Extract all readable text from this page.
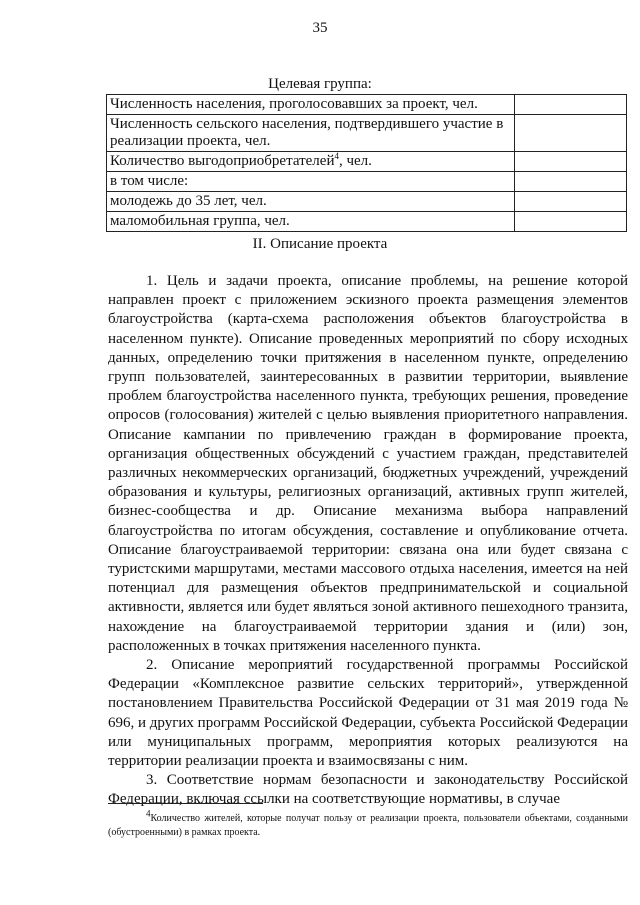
35
Целевая группа:
Численность населения, проголосовавших за проект, чел.	
Численность сельского населения, подтвердившего участие в реализации проекта, чел.	
Количество выгодоприобретателей$^4$, чел.	
в том числе:	
молодежь до 35 лет, чел.	
маломобильная группа, чел.	
II. Описание проекта

1. Цель и задачи проекта, описание проблемы, на решение которой направлен проект с приложением эскизного проекта размещения элементов благоустройства (карта-схема расположения объектов благоустройства в населенном пункте). Описание проведенных мероприятий по сбору исходных данных, определению точки притяжения в населенном пункте, определению групп пользователей, заинтересованных в развитии территории, выявление проблем благоустройства населенного пункта, требующих решения, проведение опросов (голосования) жителей с целью выявления приоритетного направления. Описание кампании по привлечению граждан в формирование проекта, организация общественных обсуждений с участием граждан, представителей различных некоммерческих организаций, бюджетных учреждений, учреждений образования и культуры, религиозных организаций, активных групп жителей, бизнес-сообщества и др. Описание механизма выбора направлений благоустройства по итогам обсуждения, составление и опубликование отчета. Описание благоустраиваемой территории: связана она или будет связана с туристскими маршрутами, местами массового отдыха населения, имеется на ней потенциал для размещения объектов предпринимательской и социальной активности, является или будет являться зоной активного пешеходного транзита, нахождение на благоустраиваемой территории здания и (или) зон, расположенных в точках притяжения населенного пункта.

2. Описание мероприятий государственной программы Российской Федерации «Комплексное развитие сельских территорий», утвержденной постановлением Правительства Российской Федерации от 31 мая 2019 года № 696, и других программ Российской Федерации, субъекта Российской Федерации или муниципальных программ, мероприятия которых реализуются на территории реализации проекта и взаимосвязаны с ним.

3. Соответствие нормам безопасности и законодательству Российской Федерации, включая ссылки на соответствующие нормативы, в случае

$^4$Количество жителей, которые получат пользу от реализации проекта, пользователи объектами, созданными (обустроенными) в рамках проекта.
